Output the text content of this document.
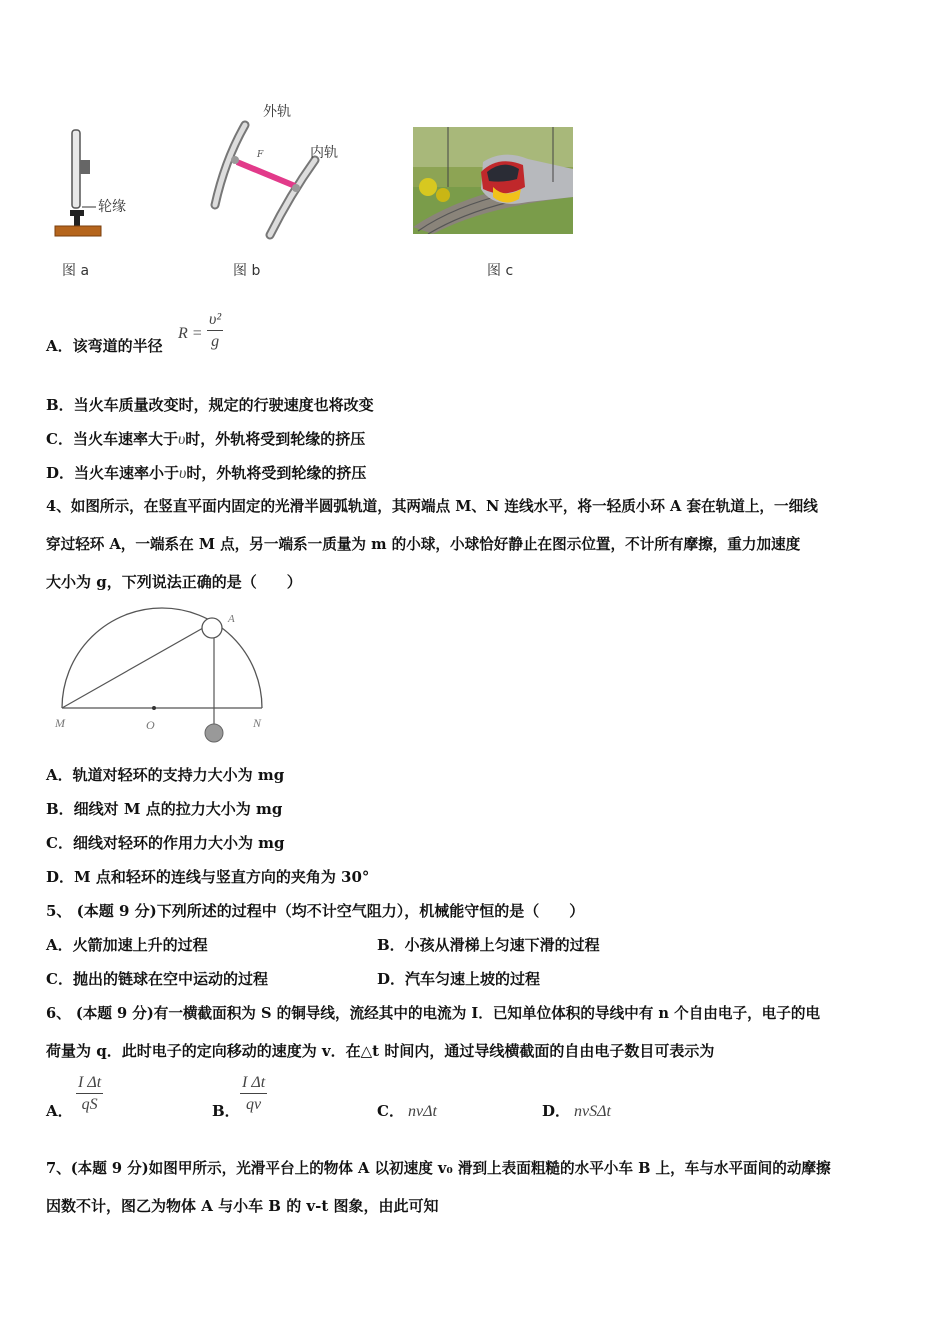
轮缘
图 a
外轨
内轨
F
图 b	图 c
A．该弯道的半径
$R = \frac{\text{υ²}}{g}$
B．当火车质量改变时，规定的行驶速度也将改变
C．当火车速率大于υ时，外轨将受到轮缘的挤压
D．当火车速率小于υ时，外轨将受到轮缘的挤压
4、如图所示，在竖直平面内固定的光滑半圆弧轨道，其两端点 M、N 连线水平，将一轻质小环 A 套在轨道上，一细线
穿过轻环 A，一端系在 M 点，另一端系一质量为 m 的小球，小球恰好静止在图示位置，不计所有摩擦，重力加速度
大小为 g，下列说法正确的是（　　）
M	O	N
A
A．轨道对轻环的支持力大小为 mg
B．细线对 M 点的拉力大小为 mg
C．细线对轻环的作用力大小为 mg
D．M 点和轻环的连线与竖直方向的夹角为 30°
5、 (本题 9 分)下列所述的过程中（均不计空气阻力），机械能守恒的是（　　）
A．火箭加速上升的过程	B．小孩从滑梯上匀速下滑的过程
C．抛出的链球在空中运动的过程	D．汽车匀速上坡的过程
6、 (本题 9 分)有一横截面积为 S 的铜导线，流经其中的电流为 I．已知单位体积的导线中有 n 个自由电子，电子的电
荷量为 q．此时电子的定向移动的速度为 v．在△t 时间内，通过导线横截面的自由电子数目可表示为
A． $\frac{\text{I Δt}}{qS}$	B． $\frac{\text{I Δt}}{qv}$	C． nvΔt	D． nvSΔt
7、(本题 9 分)如图甲所示，光滑平台上的物体 A 以初速度 v₀ 滑到上表面粗糙的水平小车 B 上，车与水平面间的动摩擦
因数不计，图乙为物体 A 与小车 B 的 v-t 图象，由此可知
